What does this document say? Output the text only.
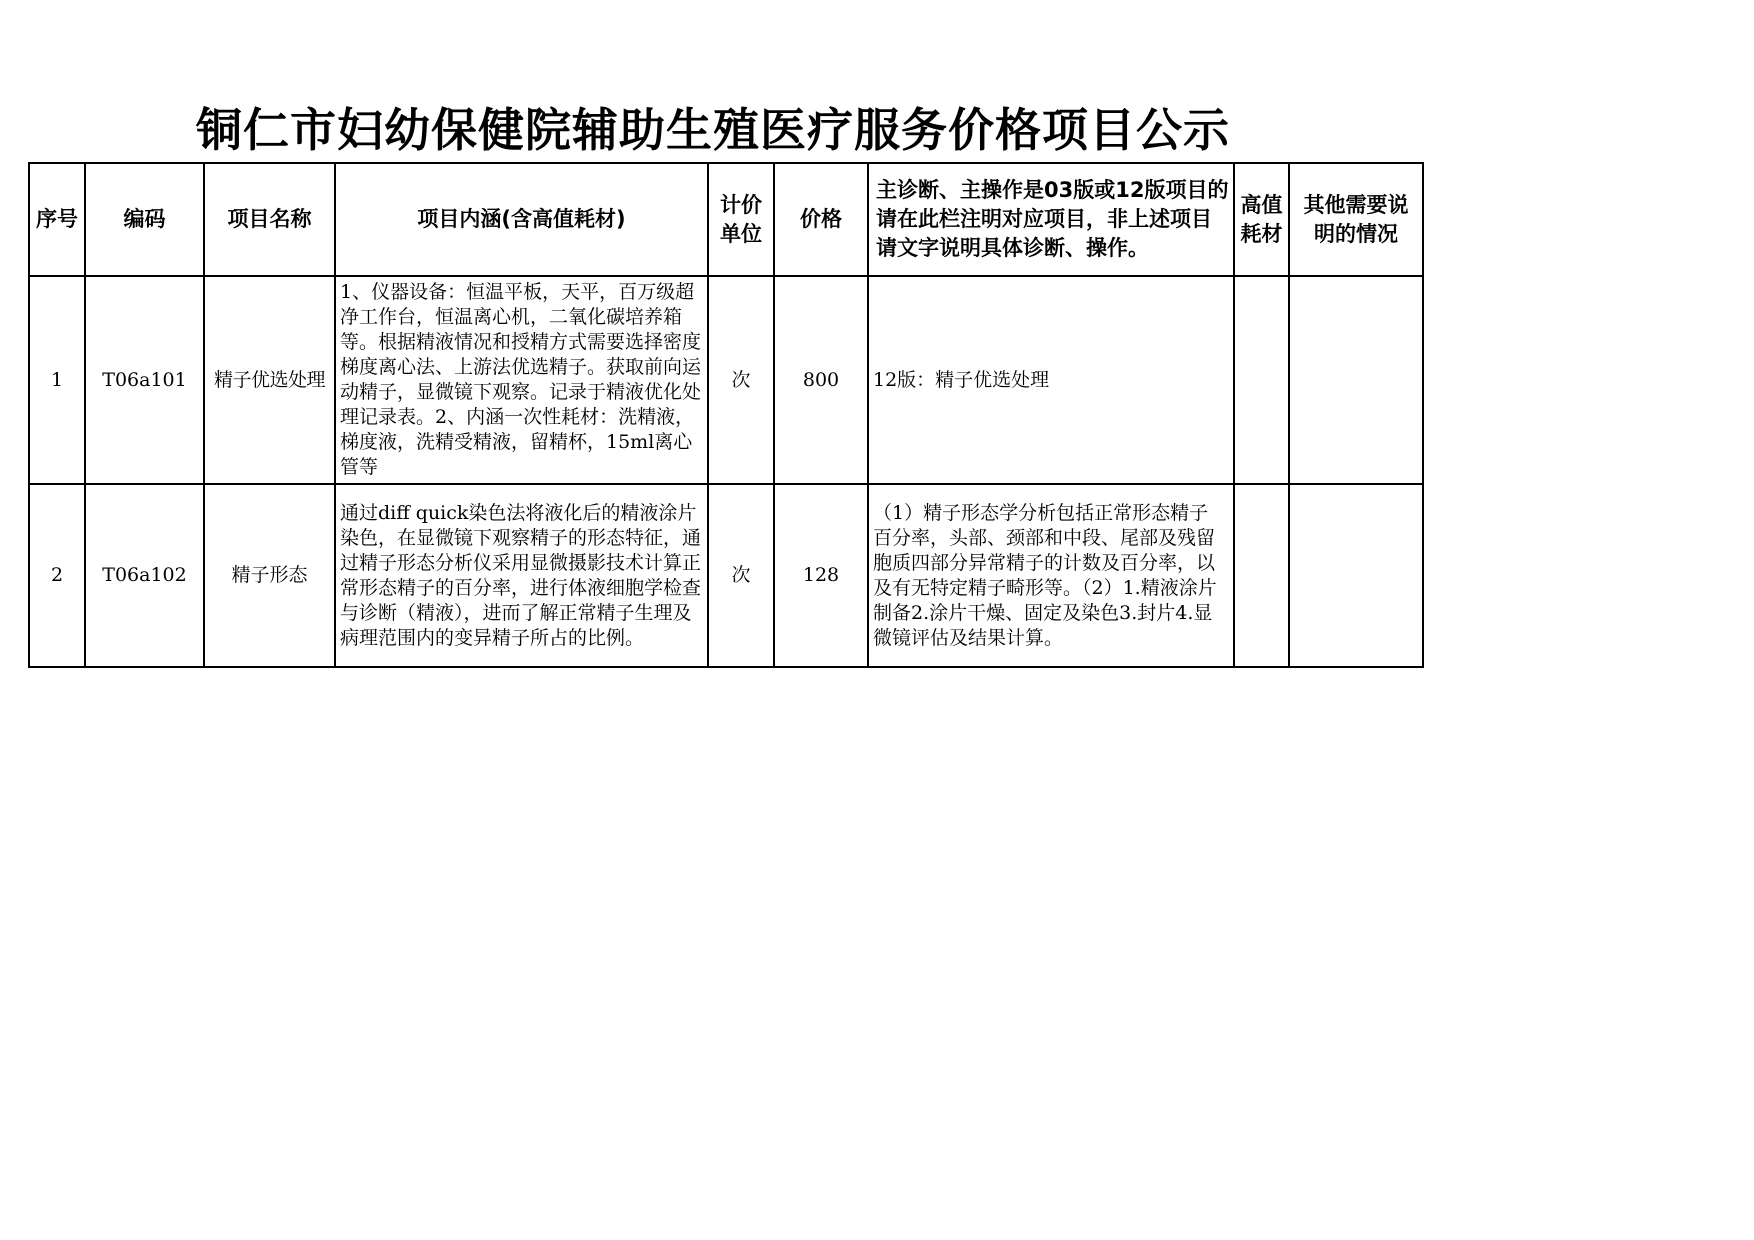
铜仁市妇幼保健院辅助生殖医疗服务价格项目公示
序号	编码	项目名称	项目内涵(含高值耗材)	计价单位	价格	主诊断、主操作是03版或12版项目的请在此栏注明对应项目，非上述项目请文字说明具体诊断、操作。	高值耗材	其他需要说明的情况
1	T06a101	精子优选处理	1、仪器设备：恒温平板，天平，百万级超净工作台，恒温离心机，二氧化碳培养箱等。根据精液情况和授精方式需要选择密度梯度离心法、上游法优选精子。获取前向运动精子，显微镜下观察。记录于精液优化处理记录表。2、内涵一次性耗材：洗精液，梯度液，洗精受精液，留精杯，15ml离心管等	次	800	12版：精子优选处理		
2	T06a102	精子形态	通过diff quick染色法将液化后的精液涂片染色，在显微镜下观察精子的形态特征，通过精子形态分析仪采用显微摄影技术计算正常形态精子的百分率，进行体液细胞学检查与诊断（精液），进而了解正常精子生理及病理范围内的变异精子所占的比例。	次	128	（1）精子形态学分析包括正常形态精子百分率，头部、颈部和中段、尾部及残留胞质四部分异常精子的计数及百分率，以及有无特定精子畸形等。（2）1.精液涂片制备2.涂片干燥、固定及染色3.封片4.显微镜评估及结果计算。		
